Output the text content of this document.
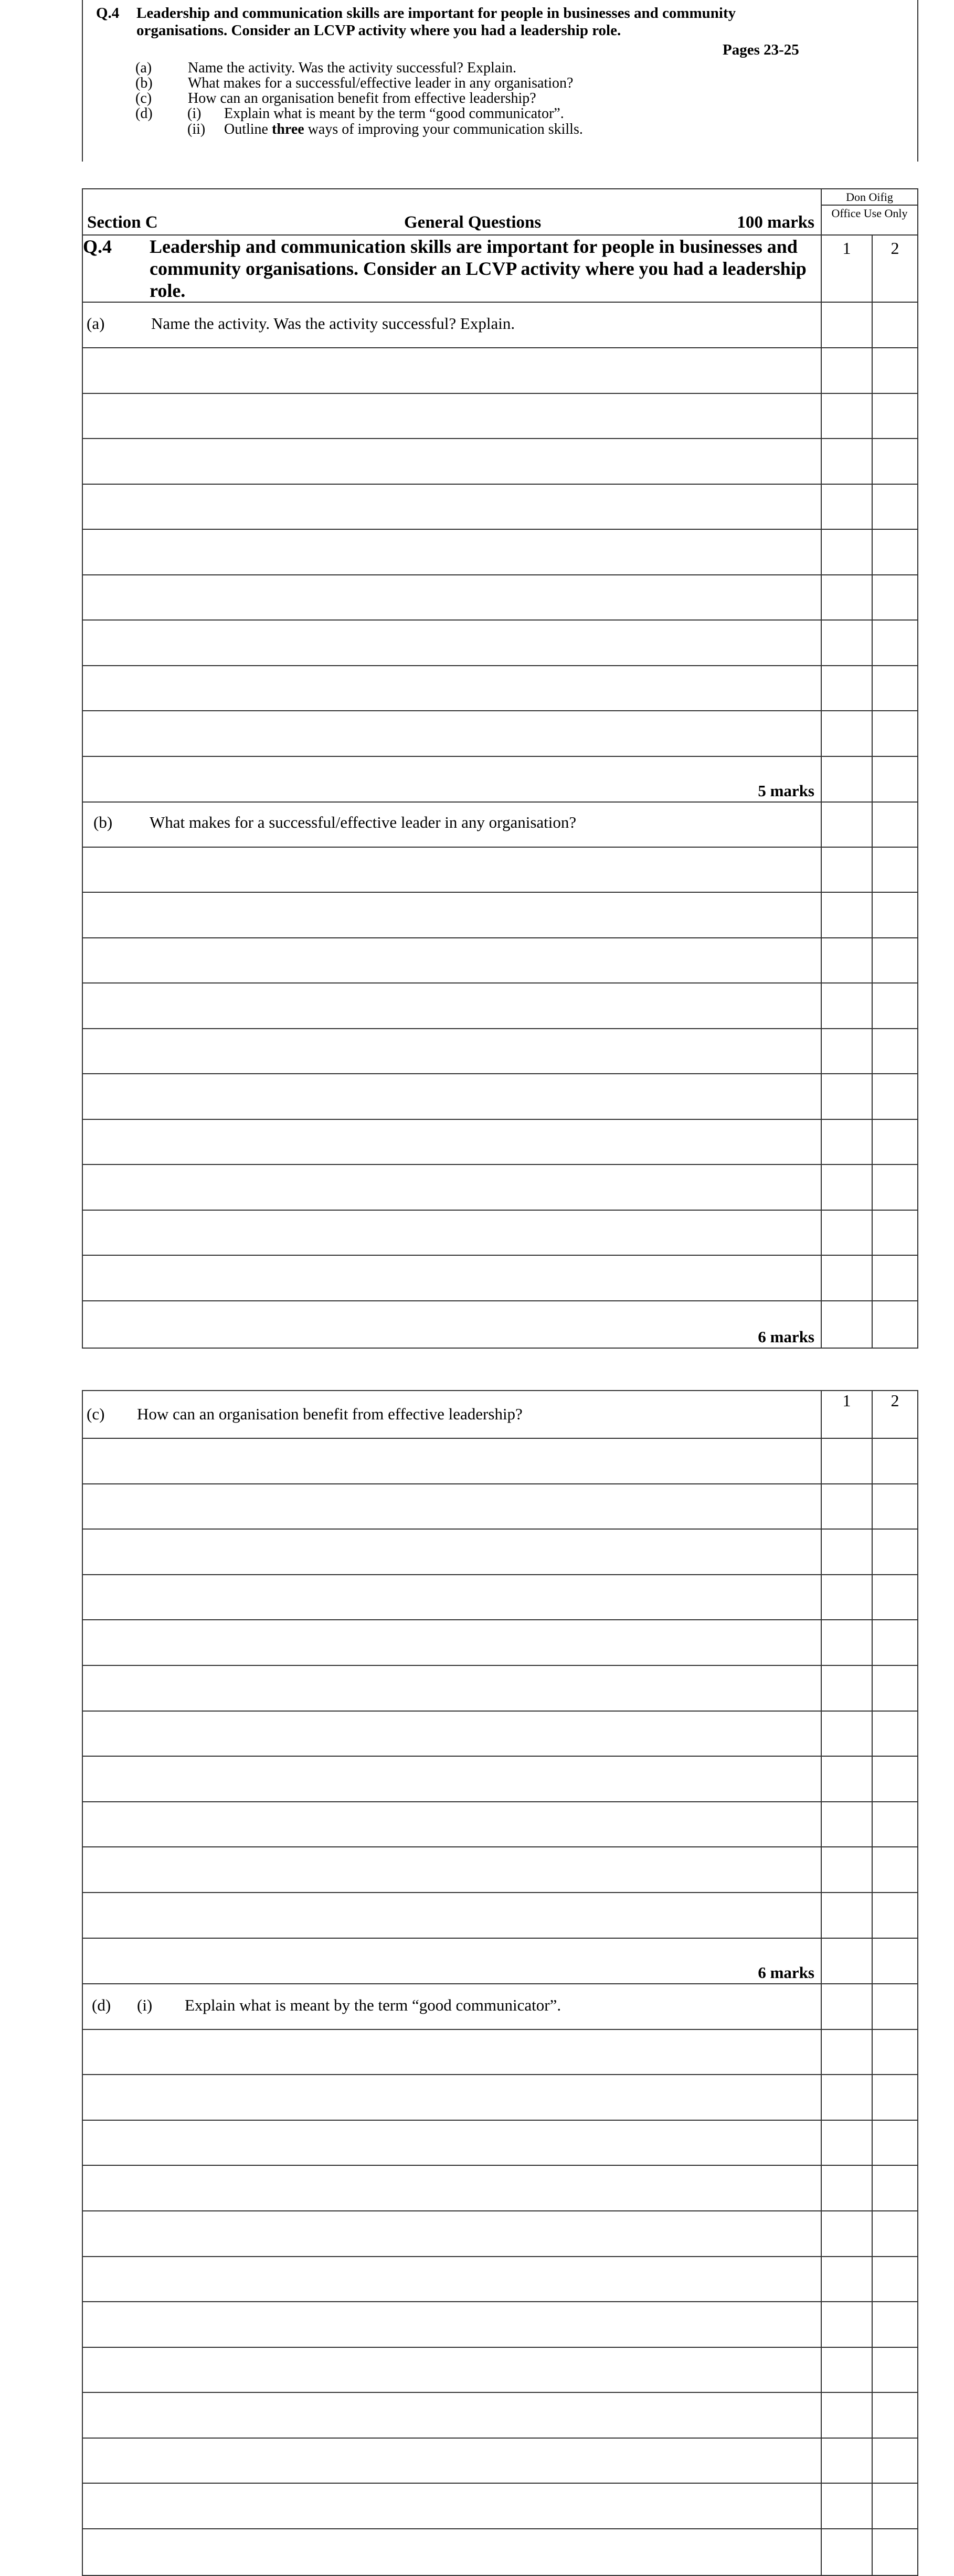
Q.4 Leadership and communication skills are important for people in businesses and community
organisations. Consider an LCVP activity where you had a leadership role.
Pages 23-25
(a) Name the activity. Was the activity successful? Explain.
(b) What makes for a successful/effective leader in any organisation?
(c) How can an organisation benefit from effective leadership?
(d) (i) Explain what is meant by the term “good communicator”.
(ii) Outline three ways of improving your communication skills.
Section C	General Questions	100 marks
Don Oifig
Office Use Only
Q.4 Leadership and communication skills are important for people in businesses and community organisations. Consider an LCVP activity where you had a leadership role.
1	2
(a)	Name the activity. Was the activity successful? Explain.
5 marks
(b) What makes for a successful/effective leader in any organisation?
6 marks
(c) How can an organisation benefit from effective leadership?
1	2
6 marks
(d) (i) Explain what is meant by the term “good communicator”.
